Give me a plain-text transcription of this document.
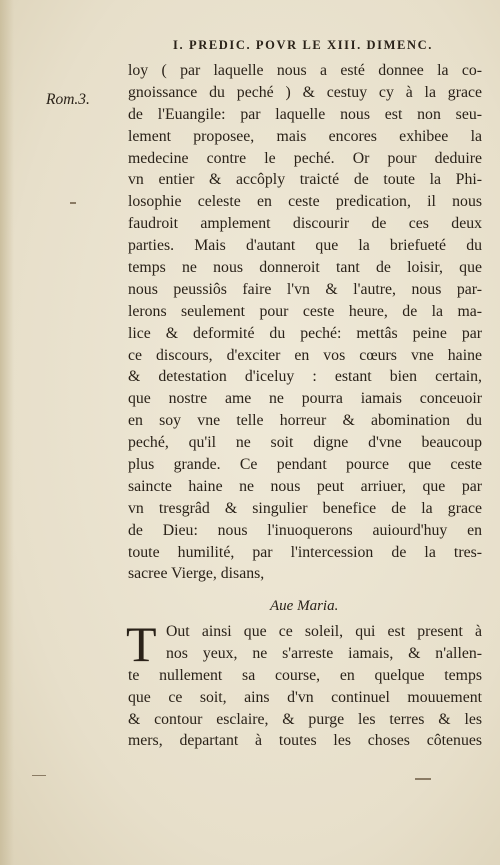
I. PREDIC. POVR LE XIII. DIMENC.
Rom.3.
loy ( par laquelle nous a esté donnee la co-
gnoissance du peché ) & cestuy cy à la grace
de l'Euangile: par laquelle nous est non seu-
lement proposee, mais encores exhibee la
medecine contre le peché. Or pour deduire
vn entier & accôply traicté de toute la Phi-
losophie celeste en ceste predication, il nous
faudroit amplement discourir de ces deux
parties. Mais d'autant que la briefueté du
temps ne nous donneroit tant de loisir, que
nous peussiôs faire l'vn & l'autre, nous par-
lerons seulement pour ceste heure, de la ma-
lice & deformité du peché: mettâs peine par
ce discours, d'exciter en vos cœurs vne haine
& detestation d'iceluy : estant bien certain,
que nostre ame ne pourra iamais conceuoir
en soy vne telle horreur & abomination du
peché, qu'il ne soit digne d'vne beaucoup
plus grande. Ce pendant pource que ceste
saincte haine ne nous peut arriuer, que par
vn tresgrâd & singulier benefice de la grace
de Dieu: nous l'inuoquerons auiourd'huy en
toute humilité, par l'intercession de la tres-
sacree Vierge, disans,
Aue Maria.
T Out ainsi que ce soleil, qui est present à
nos yeux, ne s'arreste iamais, & n'allen-
te nullement sa course, en quelque temps
que ce soit, ains d'vn continuel mouuement
& contour esclaire, & purge les terres & les
mers, departant à toutes les choses côtenues
